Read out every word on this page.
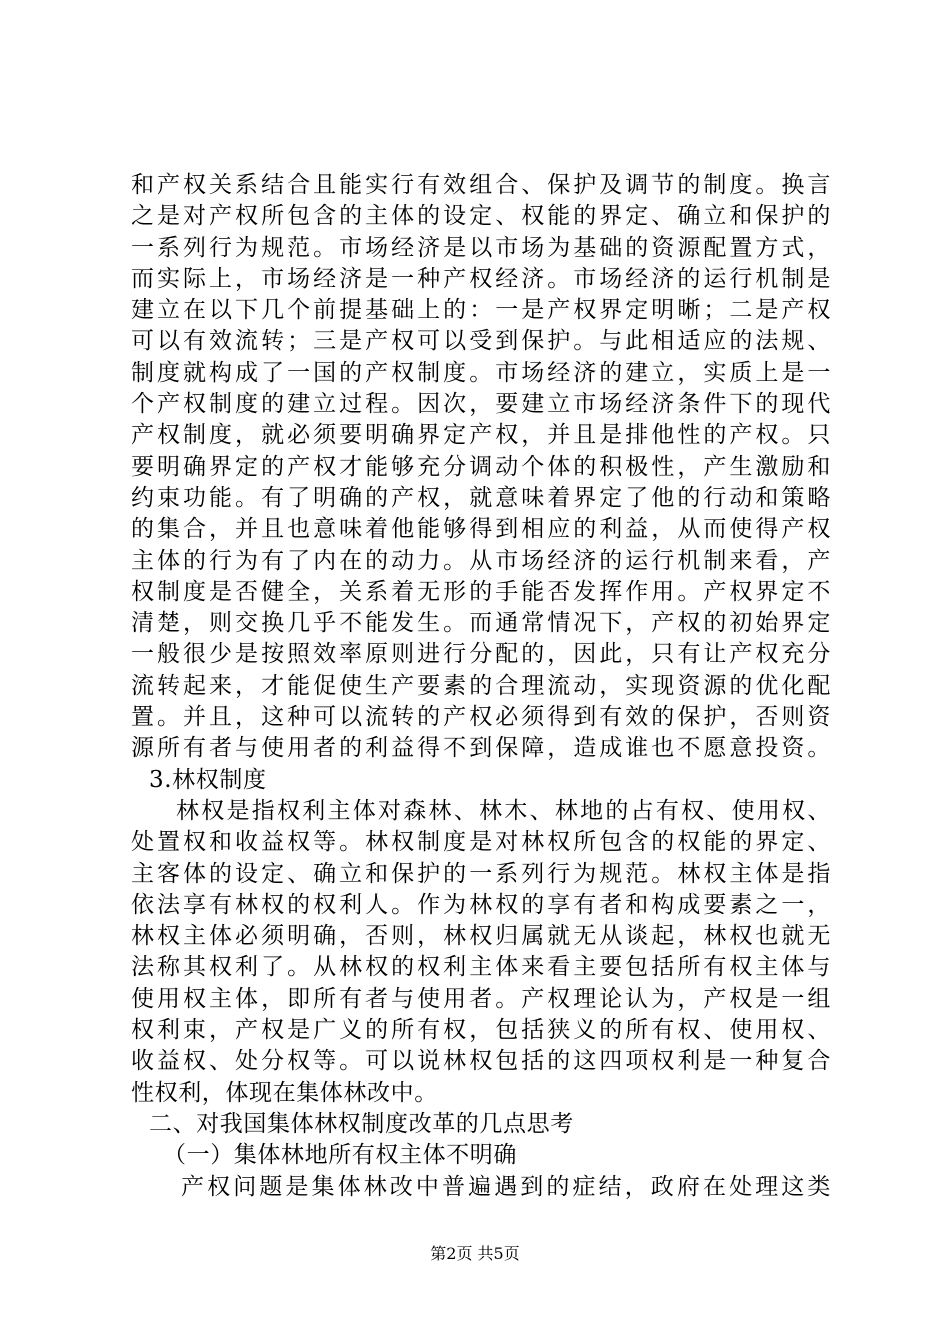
和产权关系结合且能实行有效组合、保护及调节的制度。换言
之是对产权所包含的主体的设定、权能的界定、确立和保护的
一系列行为规范。市场经济是以市场为基础的资源配置方式，
而实际上，市场经济是一种产权经济。市场经济的运行机制是
建立在以下几个前提基础上的：一是产权界定明晰；二是产权
可以有效流转；三是产权可以受到保护。与此相适应的法规、
制度就构成了一国的产权制度。市场经济的建立，实质上是一
个产权制度的建立过程。因次，要建立市场经济条件下的现代
产权制度，就必须要明确界定产权，并且是排他性的产权。只
要明确界定的产权才能够充分调动个体的积极性，产生激励和
约束功能。有了明确的产权，就意味着界定了他的行动和策略
的集合，并且也意味着他能够得到相应的利益，从而使得产权
主体的行为有了内在的动力。从市场经济的运行机制来看，产
权制度是否健全，关系着无形的手能否发挥作用。产权界定不
清楚，则交换几乎不能发生。而通常情况下，产权的初始界定
一般很少是按照效率原则进行分配的，因此，只有让产权充分
流转起来，才能促使生产要素的合理流动，实现资源的优化配
置。并且，这种可以流转的产权必须得到有效的保护，否则资
源所有者与使用者的利益得不到保障，造成谁也不愿意投资。
3.林权制度
林权是指权利主体对森林、林木、林地的占有权、使用权、
处置权和收益权等。林权制度是对林权所包含的权能的界定、
主客体的设定、确立和保护的一系列行为规范。林权主体是指
依法享有林权的权利人。作为林权的享有者和构成要素之一，
林权主体必须明确，否则，林权归属就无从谈起，林权也就无
法称其权利了。从林权的权利主体来看主要包括所有权主体与
使用权主体，即所有者与使用者。产权理论认为，产权是一组
权利束，产权是广义的所有权，包括狭义的所有权、使用权、
收益权、处分权等。可以说林权包括的这四项权利是一种复合
性权利，体现在集体林改中。
二、对我国集体林权制度改革的几点思考
（一）集体林地所有权主体不明确
产权问题是集体林改中普遍遇到的症结，政府在处理这类
第2页 共5页
